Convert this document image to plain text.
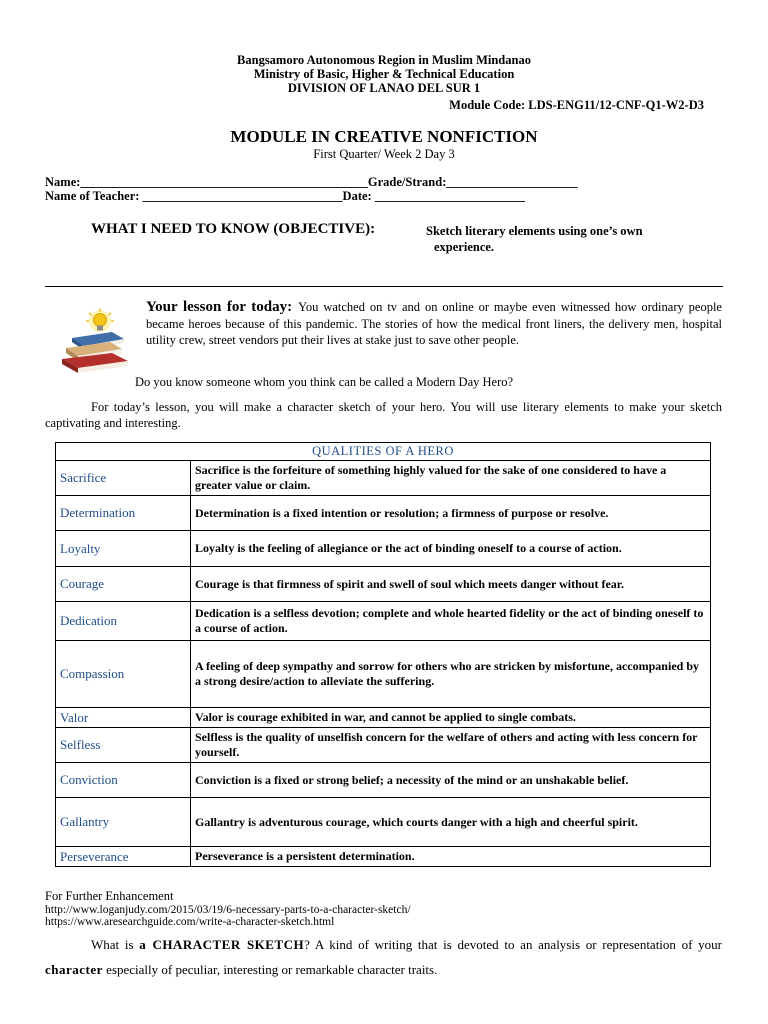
Bangsamoro Autonomous Region in Muslim Mindanao
Ministry of Basic, Higher & Technical Education
DIVISION OF LANAO DEL SUR 1
Module Code: LDS-ENG11/12-CNF-Q1-W2-D3
MODULE IN CREATIVE NONFICTION
First Quarter/ Week 2 Day 3
Name:______________________________________________Grade/Strand:_____________________
Name of Teacher: ________________________________Date: ________________________
WHAT I NEED TO KNOW (OBJECTIVE):	Sketch literary elements using one’s own
experience.
Your lesson for today: You watched on tv and on online or maybe even witnessed how ordinary people became heroes because of this pandemic. The stories of how the medical front liners, the delivery men, hospital utility crew, street vendors put their lives at stake just to save other people.
Do you know someone whom you think can be called a Modern Day Hero?
For today’s lesson, you will make a character sketch of your hero. You will use literary elements to make your sketch captivating and interesting.
QUALITIES OF A HERO	
Sacrifice	Sacrifice is the forfeiture of something highly valued for the sake of one considered to have a greater value or claim.
Determination	Determination is a fixed intention or resolution; a firmness of purpose or resolve.
Loyalty	Loyalty is the feeling of allegiance or the act of binding oneself to a course of action.
Courage	Courage is that firmness of spirit and swell of soul which meets danger without fear.
Dedication	Dedication is a selfless devotion; complete and whole hearted fidelity or the act of binding oneself to a course of action.
Compassion	A feeling of deep sympathy and sorrow for others who are stricken by misfortune, accompanied by a strong desire/action to alleviate the suffering.
Valor	Valor is courage exhibited in war, and cannot be applied to single combats.
Selfless	Selfless is the quality of unselfish concern for the welfare of others and acting with less concern for yourself.
Conviction	Conviction is a fixed or strong belief; a necessity of the mind or an unshakable belief.
Gallantry	Gallantry is adventurous courage, which courts danger with a high and cheerful spirit.
Perseverance	Perseverance is a persistent determination.
For Further Enhancement
http://www.loganjudy.com/2015/03/19/6-necessary-parts-to-a-character-sketch/
https://www.aresearchguide.com/write-a-character-sketch.html
What is a CHARACTER SKETCH? A kind of writing that is devoted to an analysis or representation of your character especially of peculiar, interesting or remarkable character traits.
